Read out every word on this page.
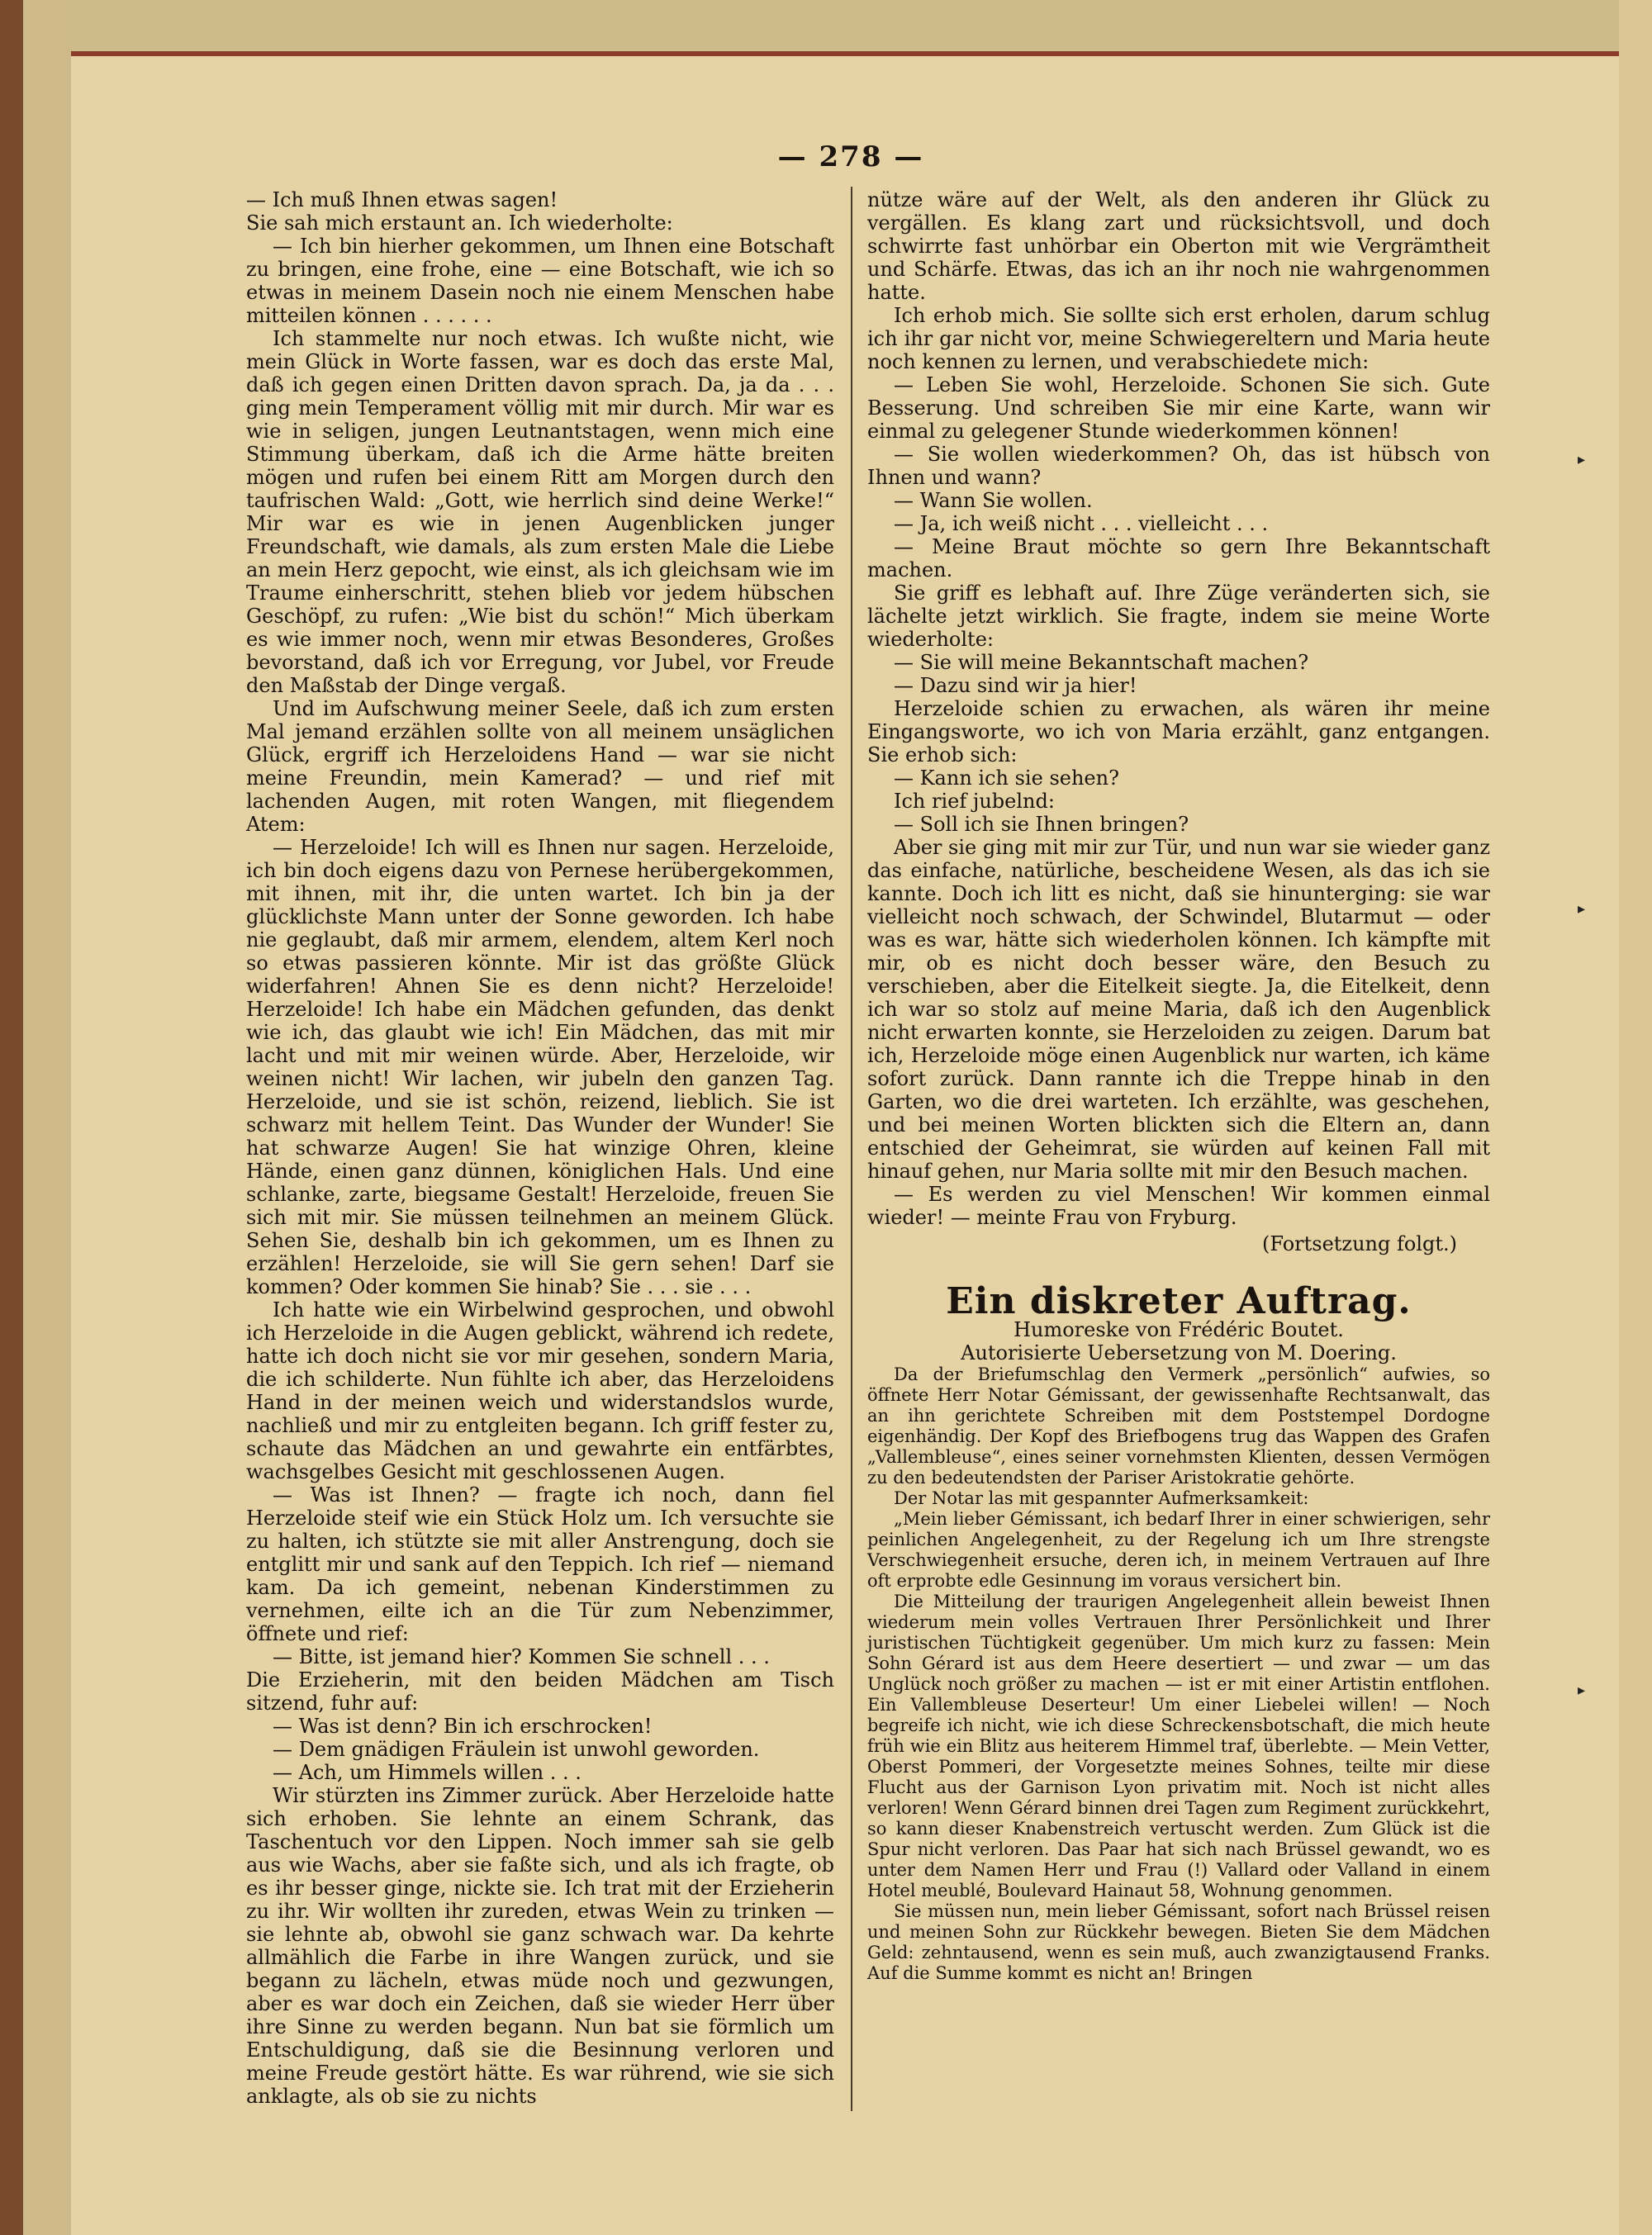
— 278 —

— Ich muß Ihnen etwas sagen!

Sie sah mich erstaunt an. Ich wiederholte:

— Ich bin hierher gekommen, um Ihnen eine Botschaft zu bringen, eine frohe, eine — eine Botschaft, wie ich so etwas in meinem Dasein noch nie einem Menschen habe mitteilen können . . . . . .

Ich stammelte nur noch etwas. Ich wußte nicht, wie mein Glück in Worte fassen, war es doch das erste Mal, daß ich gegen einen Dritten davon sprach. Da, ja da . . . ging mein Temperament völlig mit mir durch. Mir war es wie in seligen, jungen Leutnantstagen, wenn mich eine Stimmung überkam, daß ich die Arme hätte breiten mögen und rufen bei einem Ritt am Morgen durch den taufrischen Wald: „Gott, wie herrlich sind deine Werke!“ Mir war es wie in jenen Augenblicken junger Freundschaft, wie damals, als zum ersten Male die Liebe an mein Herz gepocht, wie einst, als ich gleichsam wie im Traume einherschritt, stehen blieb vor jedem hübschen Geschöpf, zu rufen: „Wie bist du schön!“ Mich überkam es wie immer noch, wenn mir etwas Besonderes, Großes bevorstand, daß ich vor Erregung, vor Jubel, vor Freude den Maßstab der Dinge vergaß.

Und im Aufschwung meiner Seele, daß ich zum ersten Mal jemand erzählen sollte von all meinem unsäglichen Glück, ergriff ich Herzeloidens Hand — war sie nicht meine Freundin, mein Kamerad? — und rief mit lachenden Augen, mit roten Wangen, mit fliegendem Atem:

— Herzeloide! Ich will es Ihnen nur sagen. Herzeloide, ich bin doch eigens dazu von Pernese herübergekommen, mit ihnen, mit ihr, die unten wartet. Ich bin ja der glücklichste Mann unter der Sonne geworden. Ich habe nie geglaubt, daß mir armem, elendem, altem Kerl noch so etwas passieren könnte. Mir ist das größte Glück widerfahren! Ahnen Sie es denn nicht? Herzeloide! Herzeloide! Ich habe ein Mädchen gefunden, das denkt wie ich, das glaubt wie ich! Ein Mädchen, das mit mir lacht und mit mir weinen würde. Aber, Herzeloide, wir weinen nicht! Wir lachen, wir jubeln den ganzen Tag. Herzeloide, und sie ist schön, reizend, lieblich. Sie ist schwarz mit hellem Teint. Das Wunder der Wunder! Sie hat schwarze Augen! Sie hat winzige Ohren, kleine Hände, einen ganz dünnen, königlichen Hals. Und eine schlanke, zarte, biegsame Gestalt! Herzeloide, freuen Sie sich mit mir. Sie müssen teilnehmen an meinem Glück. Sehen Sie, deshalb bin ich gekommen, um es Ihnen zu erzählen! Herzeloide, sie will Sie gern sehen! Darf sie kommen? Oder kommen Sie hinab? Sie . . . sie . . .

Ich hatte wie ein Wirbelwind gesprochen, und obwohl ich Herzeloide in die Augen geblickt, während ich redete, hatte ich doch nicht sie vor mir gesehen, sondern Maria, die ich schilderte. Nun fühlte ich aber, das Herzeloidens Hand in der meinen weich und widerstandslos wurde, nachließ und mir zu entgleiten begann. Ich griff fester zu, schaute das Mädchen an und gewahrte ein entfärbtes, wachsgelbes Gesicht mit geschlossenen Augen.

— Was ist Ihnen? — fragte ich noch, dann fiel Herzeloide steif wie ein Stück Holz um. Ich versuchte sie zu halten, ich stützte sie mit aller Anstrengung, doch sie entglitt mir und sank auf den Teppich. Ich rief — niemand kam. Da ich gemeint, nebenan Kinderstimmen zu vernehmen, eilte ich an die Tür zum Nebenzimmer, öffnete und rief:

— Bitte, ist jemand hier? Kommen Sie schnell . . .

Die Erzieherin, mit den beiden Mädchen am Tisch sitzend, fuhr auf:

— Was ist denn? Bin ich erschrocken!

— Dem gnädigen Fräulein ist unwohl geworden.

— Ach, um Himmels willen . . .

Wir stürzten ins Zimmer zurück. Aber Herzeloide hatte sich erhoben. Sie lehnte an einem Schrank, das Taschentuch vor den Lippen. Noch immer sah sie gelb aus wie Wachs, aber sie faßte sich, und als ich fragte, ob es ihr besser ginge, nickte sie. Ich trat mit der Erzieherin zu ihr. Wir wollten ihr zureden, etwas Wein zu trinken — sie lehnte ab, obwohl sie ganz schwach war. Da kehrte allmählich die Farbe in ihre Wangen zurück, und sie begann zu lächeln, etwas müde noch und gezwungen, aber es war doch ein Zeichen, daß sie wieder Herr über ihre Sinne zu werden begann. Nun bat sie förmlich um Entschuldigung, daß sie die Besinnung verloren und meine Freude gestört hätte. Es war rührend, wie sie sich anklagte, als ob sie zu nichts

nütze wäre auf der Welt, als den anderen ihr Glück zu vergällen. Es klang zart und rücksichtsvoll, und doch schwirrte fast unhörbar ein Oberton mit wie Vergrämtheit und Schärfe. Etwas, das ich an ihr noch nie wahrgenommen hatte.

Ich erhob mich. Sie sollte sich erst erholen, darum schlug ich ihr gar nicht vor, meine Schwiegereltern und Maria heute noch kennen zu lernen, und verabschiedete mich:

— Leben Sie wohl, Herzeloide. Schonen Sie sich. Gute Besserung. Und schreiben Sie mir eine Karte, wann wir einmal zu gelegener Stunde wiederkommen können!

— Sie wollen wiederkommen? Oh, das ist hübsch von Ihnen und wann?

— Wann Sie wollen.

— Ja, ich weiß nicht . . . vielleicht . . .

— Meine Braut möchte so gern Ihre Bekanntschaft machen.

Sie griff es lebhaft auf. Ihre Züge veränderten sich, sie lächelte jetzt wirklich. Sie fragte, indem sie meine Worte wiederholte:

— Sie will meine Bekanntschaft machen?

— Dazu sind wir ja hier!

Herzeloide schien zu erwachen, als wären ihr meine Eingangsworte, wo ich von Maria erzählt, ganz entgangen. Sie erhob sich:

— Kann ich sie sehen?

Ich rief jubelnd:

— Soll ich sie Ihnen bringen?

Aber sie ging mit mir zur Tür, und nun war sie wieder ganz das einfache, natürliche, bescheidene Wesen, als das ich sie kannte. Doch ich litt es nicht, daß sie hinunterging: sie war vielleicht noch schwach, der Schwindel, Blutarmut — oder was es war, hätte sich wiederholen können. Ich kämpfte mit mir, ob es nicht doch besser wäre, den Besuch zu verschieben, aber die Eitelkeit siegte. Ja, die Eitelkeit, denn ich war so stolz auf meine Maria, daß ich den Augenblick nicht erwarten konnte, sie Herzeloiden zu zeigen. Darum bat ich, Herzeloide möge einen Augenblick nur warten, ich käme sofort zurück. Dann rannte ich die Treppe hinab in den Garten, wo die drei warteten. Ich erzählte, was geschehen, und bei meinen Worten blickten sich die Eltern an, dann entschied der Geheimrat, sie würden auf keinen Fall mit hinauf gehen, nur Maria sollte mit mir den Besuch machen.

— Es werden zu viel Menschen! Wir kommen einmal wieder! — meinte Frau von Fryburg.

(Fortsetzung folgt.)

Ein diskreter Auftrag.

Humoreske von Frédéric Boutet.

Autorisierte Uebersetzung von M. Doering.

Da der Briefumschlag den Vermerk „persönlich“ aufwies, so öffnete Herr Notar Gémissant, der gewissenhafte Rechtsanwalt, das an ihn gerichtete Schreiben mit dem Poststempel Dordogne eigenhändig. Der Kopf des Briefbogens trug das Wappen des Grafen „Vallembleuse“, eines seiner vornehmsten Klienten, dessen Vermögen zu den bedeutendsten der Pariser Aristokratie gehörte.

Der Notar las mit gespannter Aufmerksamkeit:

„Mein lieber Gémissant, ich bedarf Ihrer in einer schwierigen, sehr peinlichen Angelegenheit, zu der Regelung ich um Ihre strengste Verschwiegenheit ersuche, deren ich, in meinem Vertrauen auf Ihre oft erprobte edle Gesinnung im voraus versichert bin.

Die Mitteilung der traurigen Angelegenheit allein beweist Ihnen wiederum mein volles Vertrauen Ihrer Persönlichkeit und Ihrer juristischen Tüchtigkeit gegenüber. Um mich kurz zu fassen: Mein Sohn Gérard ist aus dem Heere desertiert — und zwar — um das Unglück noch größer zu machen — ist er mit einer Artistin entflohen. Ein Vallembleuse Deserteur! Um einer Liebelei willen! — Noch begreife ich nicht, wie ich diese Schreckensbotschaft, die mich heute früh wie ein Blitz aus heiterem Himmel traf, überlebte. — Mein Vetter, Oberst Pommeri, der Vorgesetzte meines Sohnes, teilte mir diese Flucht aus der Garnison Lyon privatim mit. Noch ist nicht alles verloren! Wenn Gérard binnen drei Tagen zum Regiment zurückkehrt, so kann dieser Knabenstreich vertuscht werden. Zum Glück ist die Spur nicht verloren. Das Paar hat sich nach Brüssel gewandt, wo es unter dem Namen Herr und Frau (!) Vallard oder Valland in einem Hotel meublé, Boulevard Hainaut 58, Wohnung genommen.

Sie müssen nun, mein lieber Gémissant, sofort nach Brüssel reisen und meinen Sohn zur Rückkehr bewegen. Bieten Sie dem Mädchen Geld: zehntausend, wenn es sein muß, auch zwanzigtausend Franks. Auf die Summe kommt es nicht an! Bringen

▸
▸
▸
